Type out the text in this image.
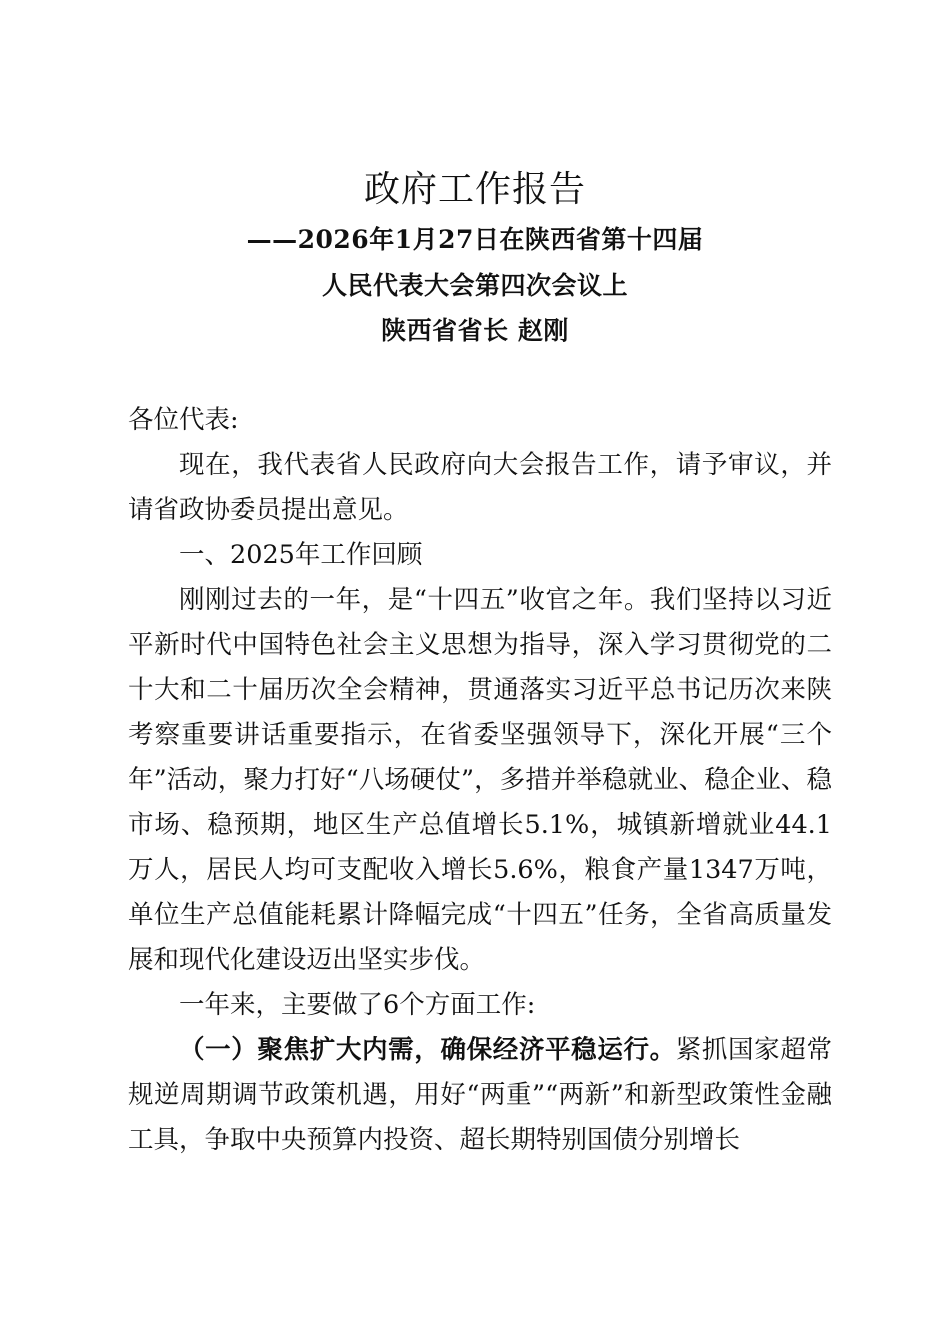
政府工作报告
——2026年1月27日在陕西省第十四届
人民代表大会第四次会议上
陕西省省长 赵刚

各位代表:

现在，我代表省人民政府向大会报告工作，请予审议，并请省政协委员提出意见。

一、2025年工作回顾

刚刚过去的一年，是“十四五”收官之年。我们坚持以习近平新时代中国特色社会主义思想为指导，深入学习贯彻党的二十大和二十届历次全会精神，贯通落实习近平总书记历次来陕考察重要讲话重要指示，在省委坚强领导下，深化开展“三个年”活动，聚力打好“八场硬仗”，多措并举稳就业、稳企业、稳市场、稳预期，地区生产总值增长5.1%，城镇新增就业44.1万人，居民人均可支配收入增长5.6%，粮食产量1347万吨，单位生产总值能耗累计降幅完成“十四五”任务，全省高质量发展和现代化建设迈出坚实步伐。

一年来，主要做了6个方面工作:

（一）聚焦扩大内需，确保经济平稳运行。紧抓国家超常规逆周期调节政策机遇，用好“两重”“两新”和新型政策性金融工具，争取中央预算内投资、超长期特别国债分别增长
